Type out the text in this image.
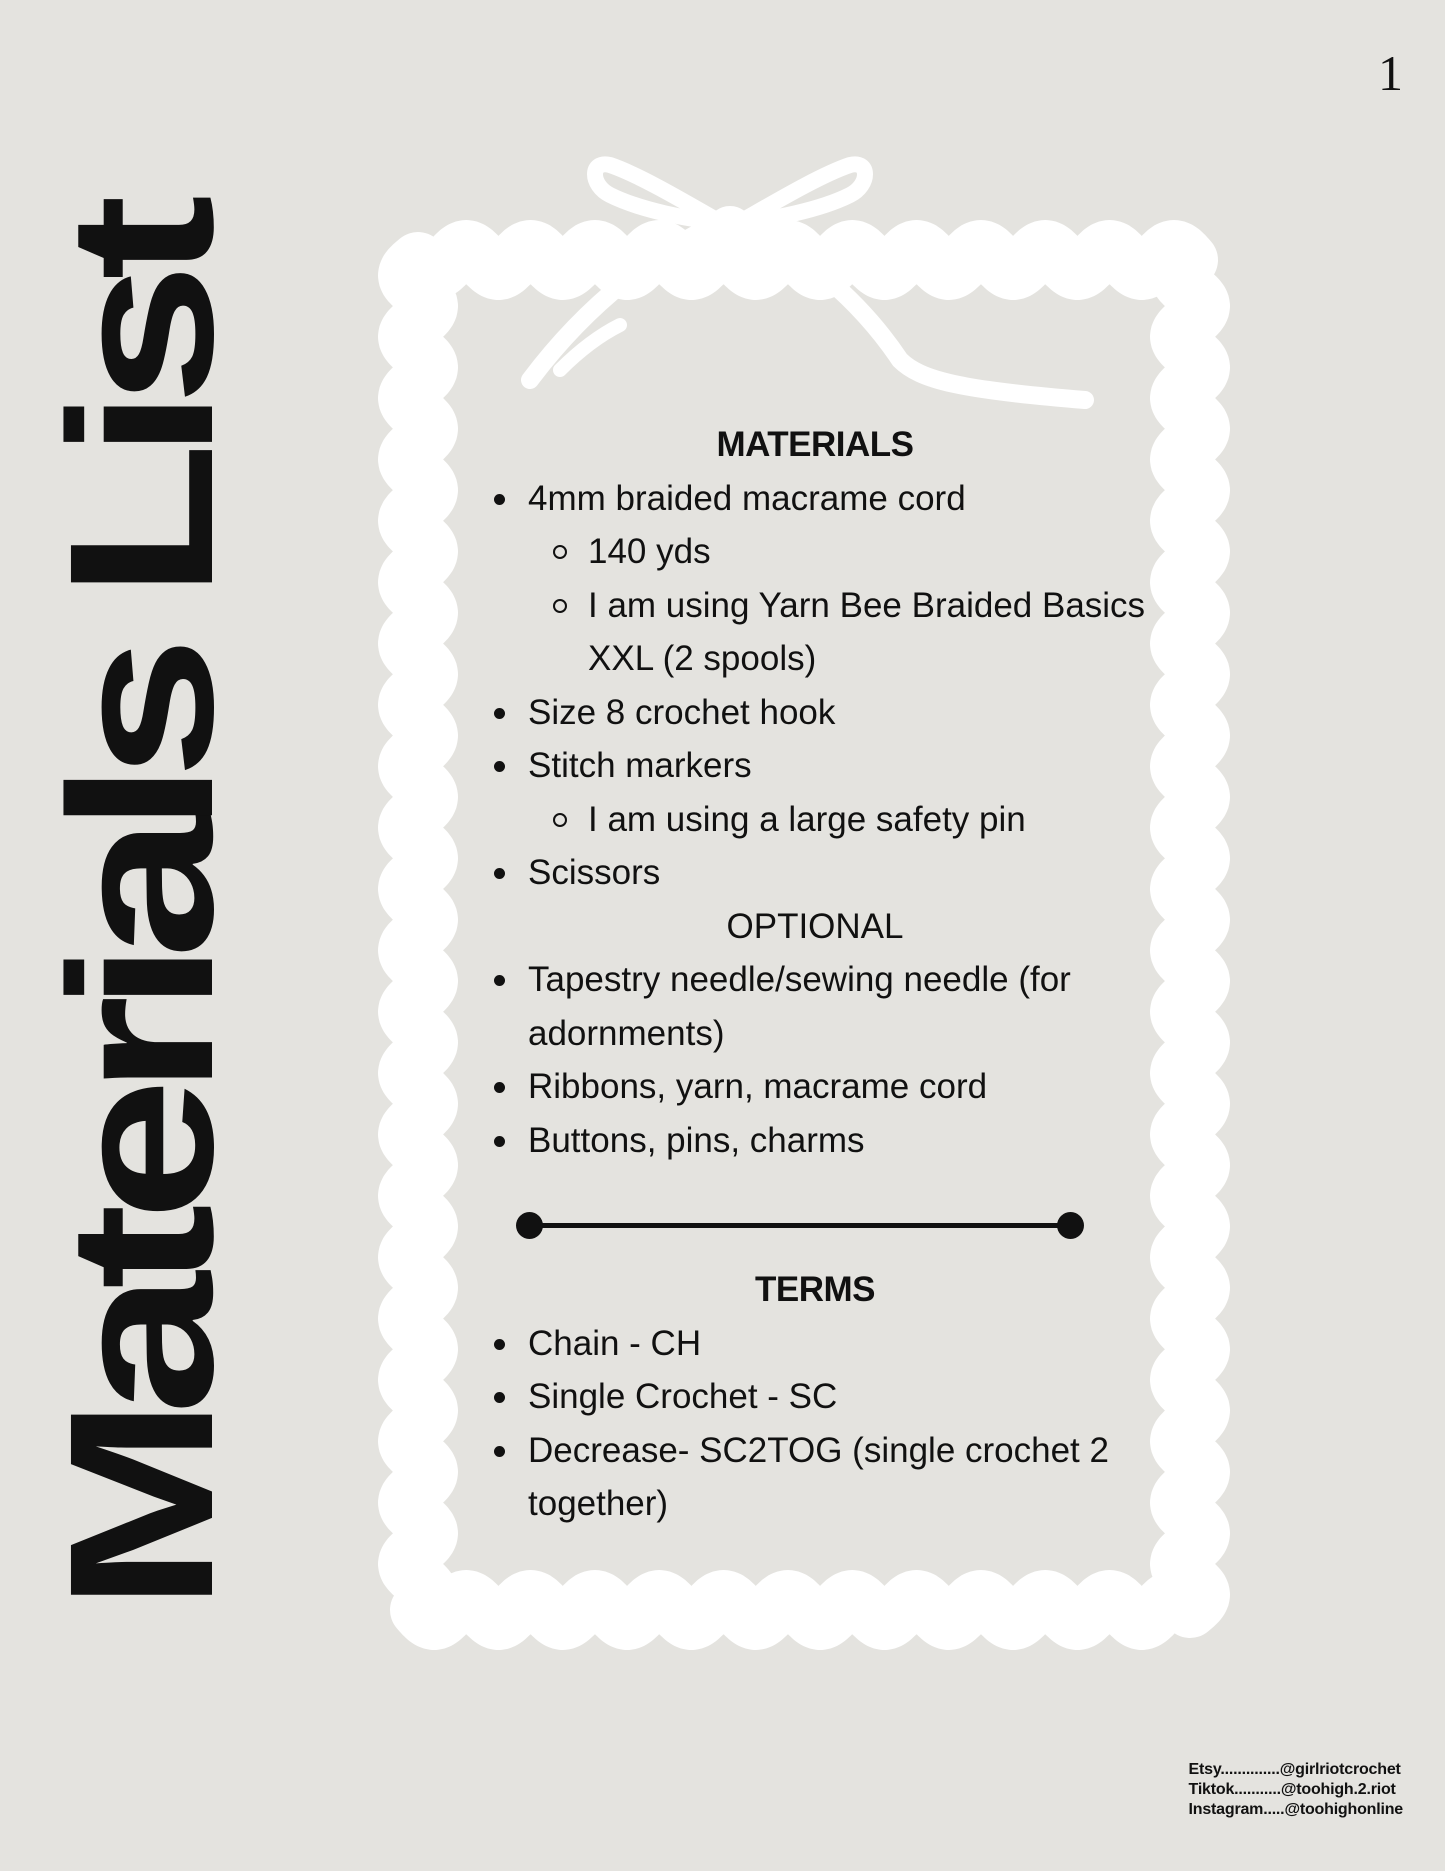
1
Materials List
MATERIALS
4mm braided macrame cord
140 yds
I am using Yarn Bee Braided Basics XXL (2 spools)
Size 8 crochet hook
Stitch markers
I am using a large safety pin
Scissors
OPTIONAL
Tapestry needle/sewing needle (for adornments)
Ribbons, yarn, macrame cord
Buttons, pins, charms
TERMS
Chain - CH
Single Crochet - SC
Decrease- SC2TOG (single crochet 2 together)
Etsy..............@girlriotcrochet
Tiktok...........@toohigh.2.riot
Instagram.....@toohighonline
